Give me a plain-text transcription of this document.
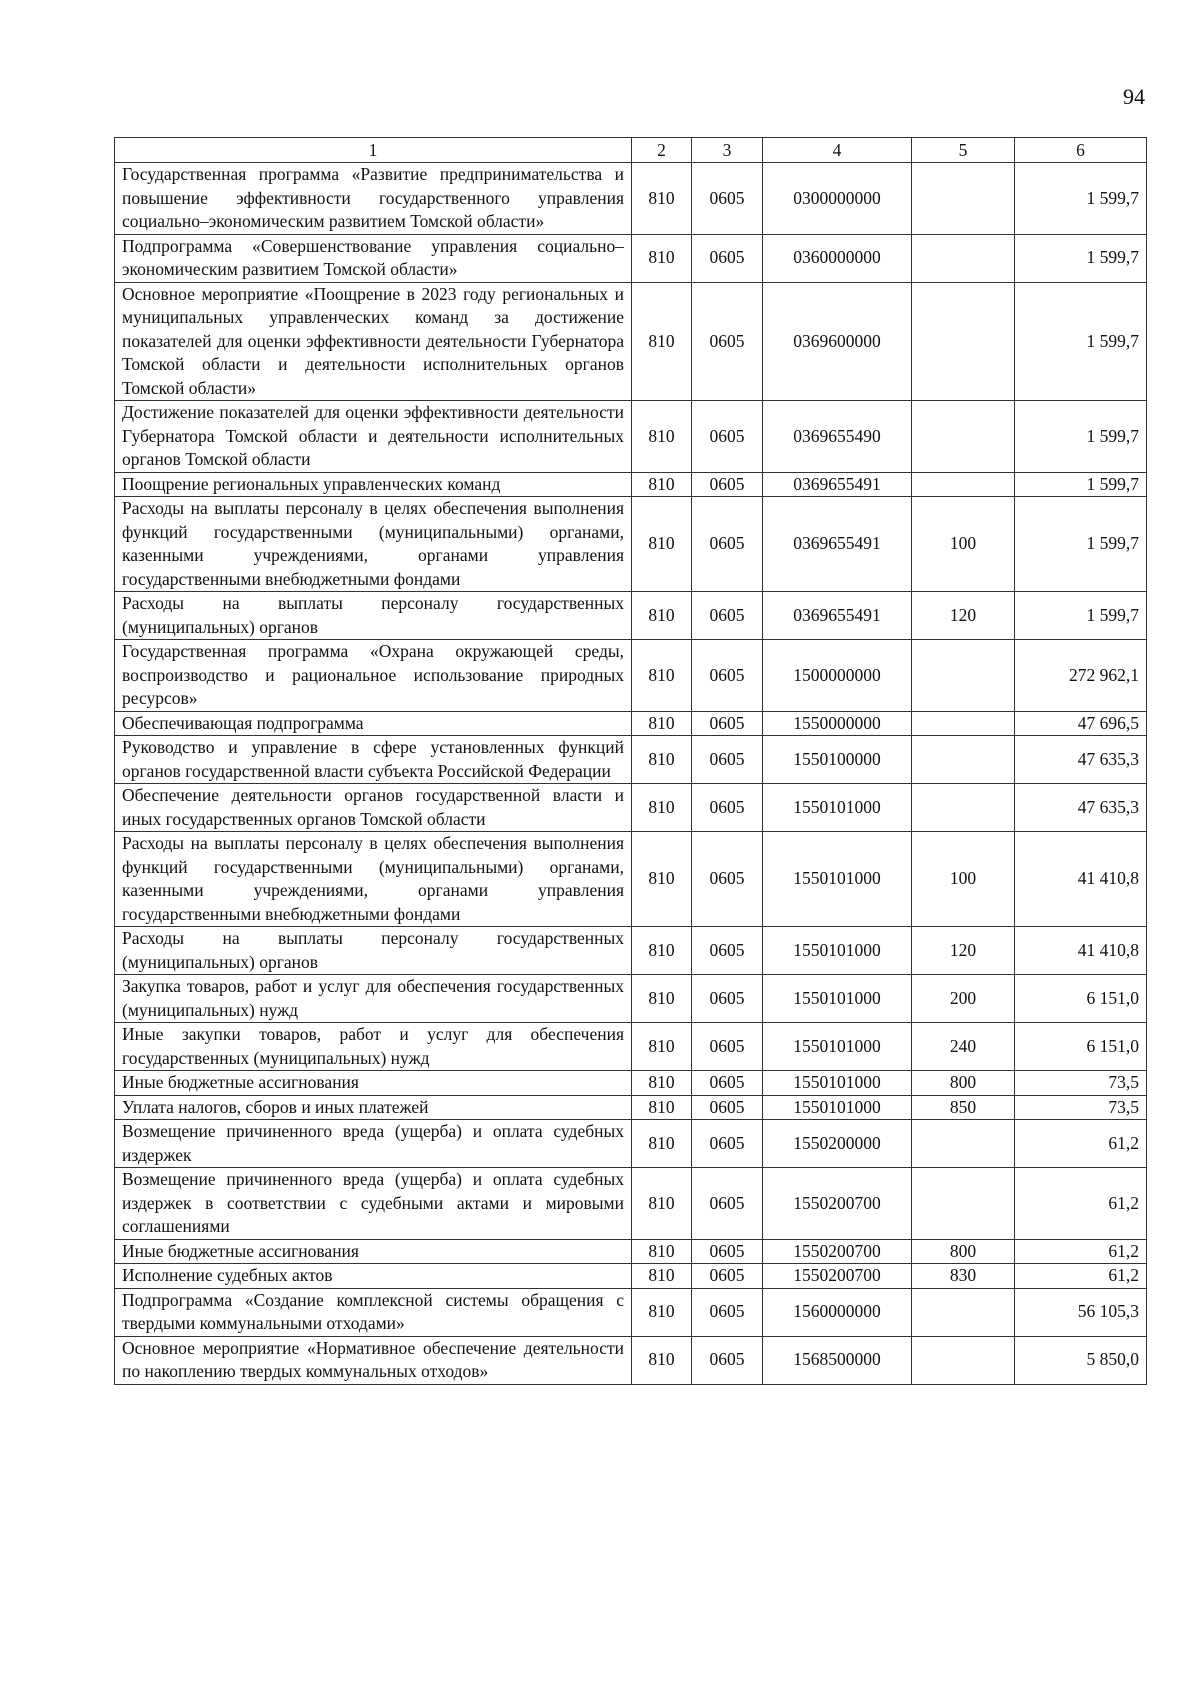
94
1	2	3	4	5	6
Государственная программа «Развитие предпринимательства и повышение эффективности государственного управления социально–экономическим развитием Томской области»	810	0605	0300000000		1 599,7
Подпрограмма «Совершенствование управления социально–экономическим развитием Томской области»	810	0605	0360000000		1 599,7
Основное мероприятие «Поощрение в 2023 году региональных и муниципальных управленческих команд за достижение показателей для оценки эффективности деятельности Губернатора Томской области и деятельности исполнительных органов Томской области»	810	0605	0369600000		1 599,7
Достижение показателей для оценки эффективности деятельности Губернатора Томской области и деятельности исполнительных органов Томской области	810	0605	0369655490		1 599,7
Поощрение региональных управленческих команд	810	0605	0369655491		1 599,7
Расходы на выплаты персоналу в целях обеспечения выполнения функций государственными (муниципальными) органами, казенными учреждениями, органами управления государственными внебюджетными фондами	810	0605	0369655491	100	1 599,7
Расходы на выплаты персоналу государственных (муниципальных) органов	810	0605	0369655491	120	1 599,7
Государственная программа «Охрана окружающей среды, воспроизводство и рациональное использование природных ресурсов»	810	0605	1500000000		272 962,1
Обеспечивающая подпрограмма	810	0605	1550000000		47 696,5
Руководство и управление в сфере установленных функций органов государственной власти субъекта Российской Федерации	810	0605	1550100000		47 635,3
Обеспечение деятельности органов государственной власти и иных государственных органов Томской области	810	0605	1550101000		47 635,3
Расходы на выплаты персоналу в целях обеспечения выполнения функций государственными (муниципальными) органами, казенными учреждениями, органами управления государственными внебюджетными фондами	810	0605	1550101000	100	41 410,8
Расходы на выплаты персоналу государственных (муниципальных) органов	810	0605	1550101000	120	41 410,8
Закупка товаров, работ и услуг для обеспечения государственных (муниципальных) нужд	810	0605	1550101000	200	6 151,0
Иные закупки товаров, работ и услуг для обеспечения государственных (муниципальных) нужд	810	0605	1550101000	240	6 151,0
Иные бюджетные ассигнования	810	0605	1550101000	800	73,5
Уплата налогов, сборов и иных платежей	810	0605	1550101000	850	73,5
Возмещение причиненного вреда (ущерба) и оплата судебных издержек	810	0605	1550200000		61,2
Возмещение причиненного вреда (ущерба) и оплата судебных издержек в соответствии с судебными актами и мировыми соглашениями	810	0605	1550200700		61,2
Иные бюджетные ассигнования	810	0605	1550200700	800	61,2
Исполнение судебных актов	810	0605	1550200700	830	61,2
Подпрограмма «Создание комплексной системы обращения с твердыми коммунальными отходами»	810	0605	1560000000		56 105,3
Основное мероприятие «Нормативное обеспечение деятельности по накоплению твердых коммунальных отходов»	810	0605	1568500000		5 850,0
